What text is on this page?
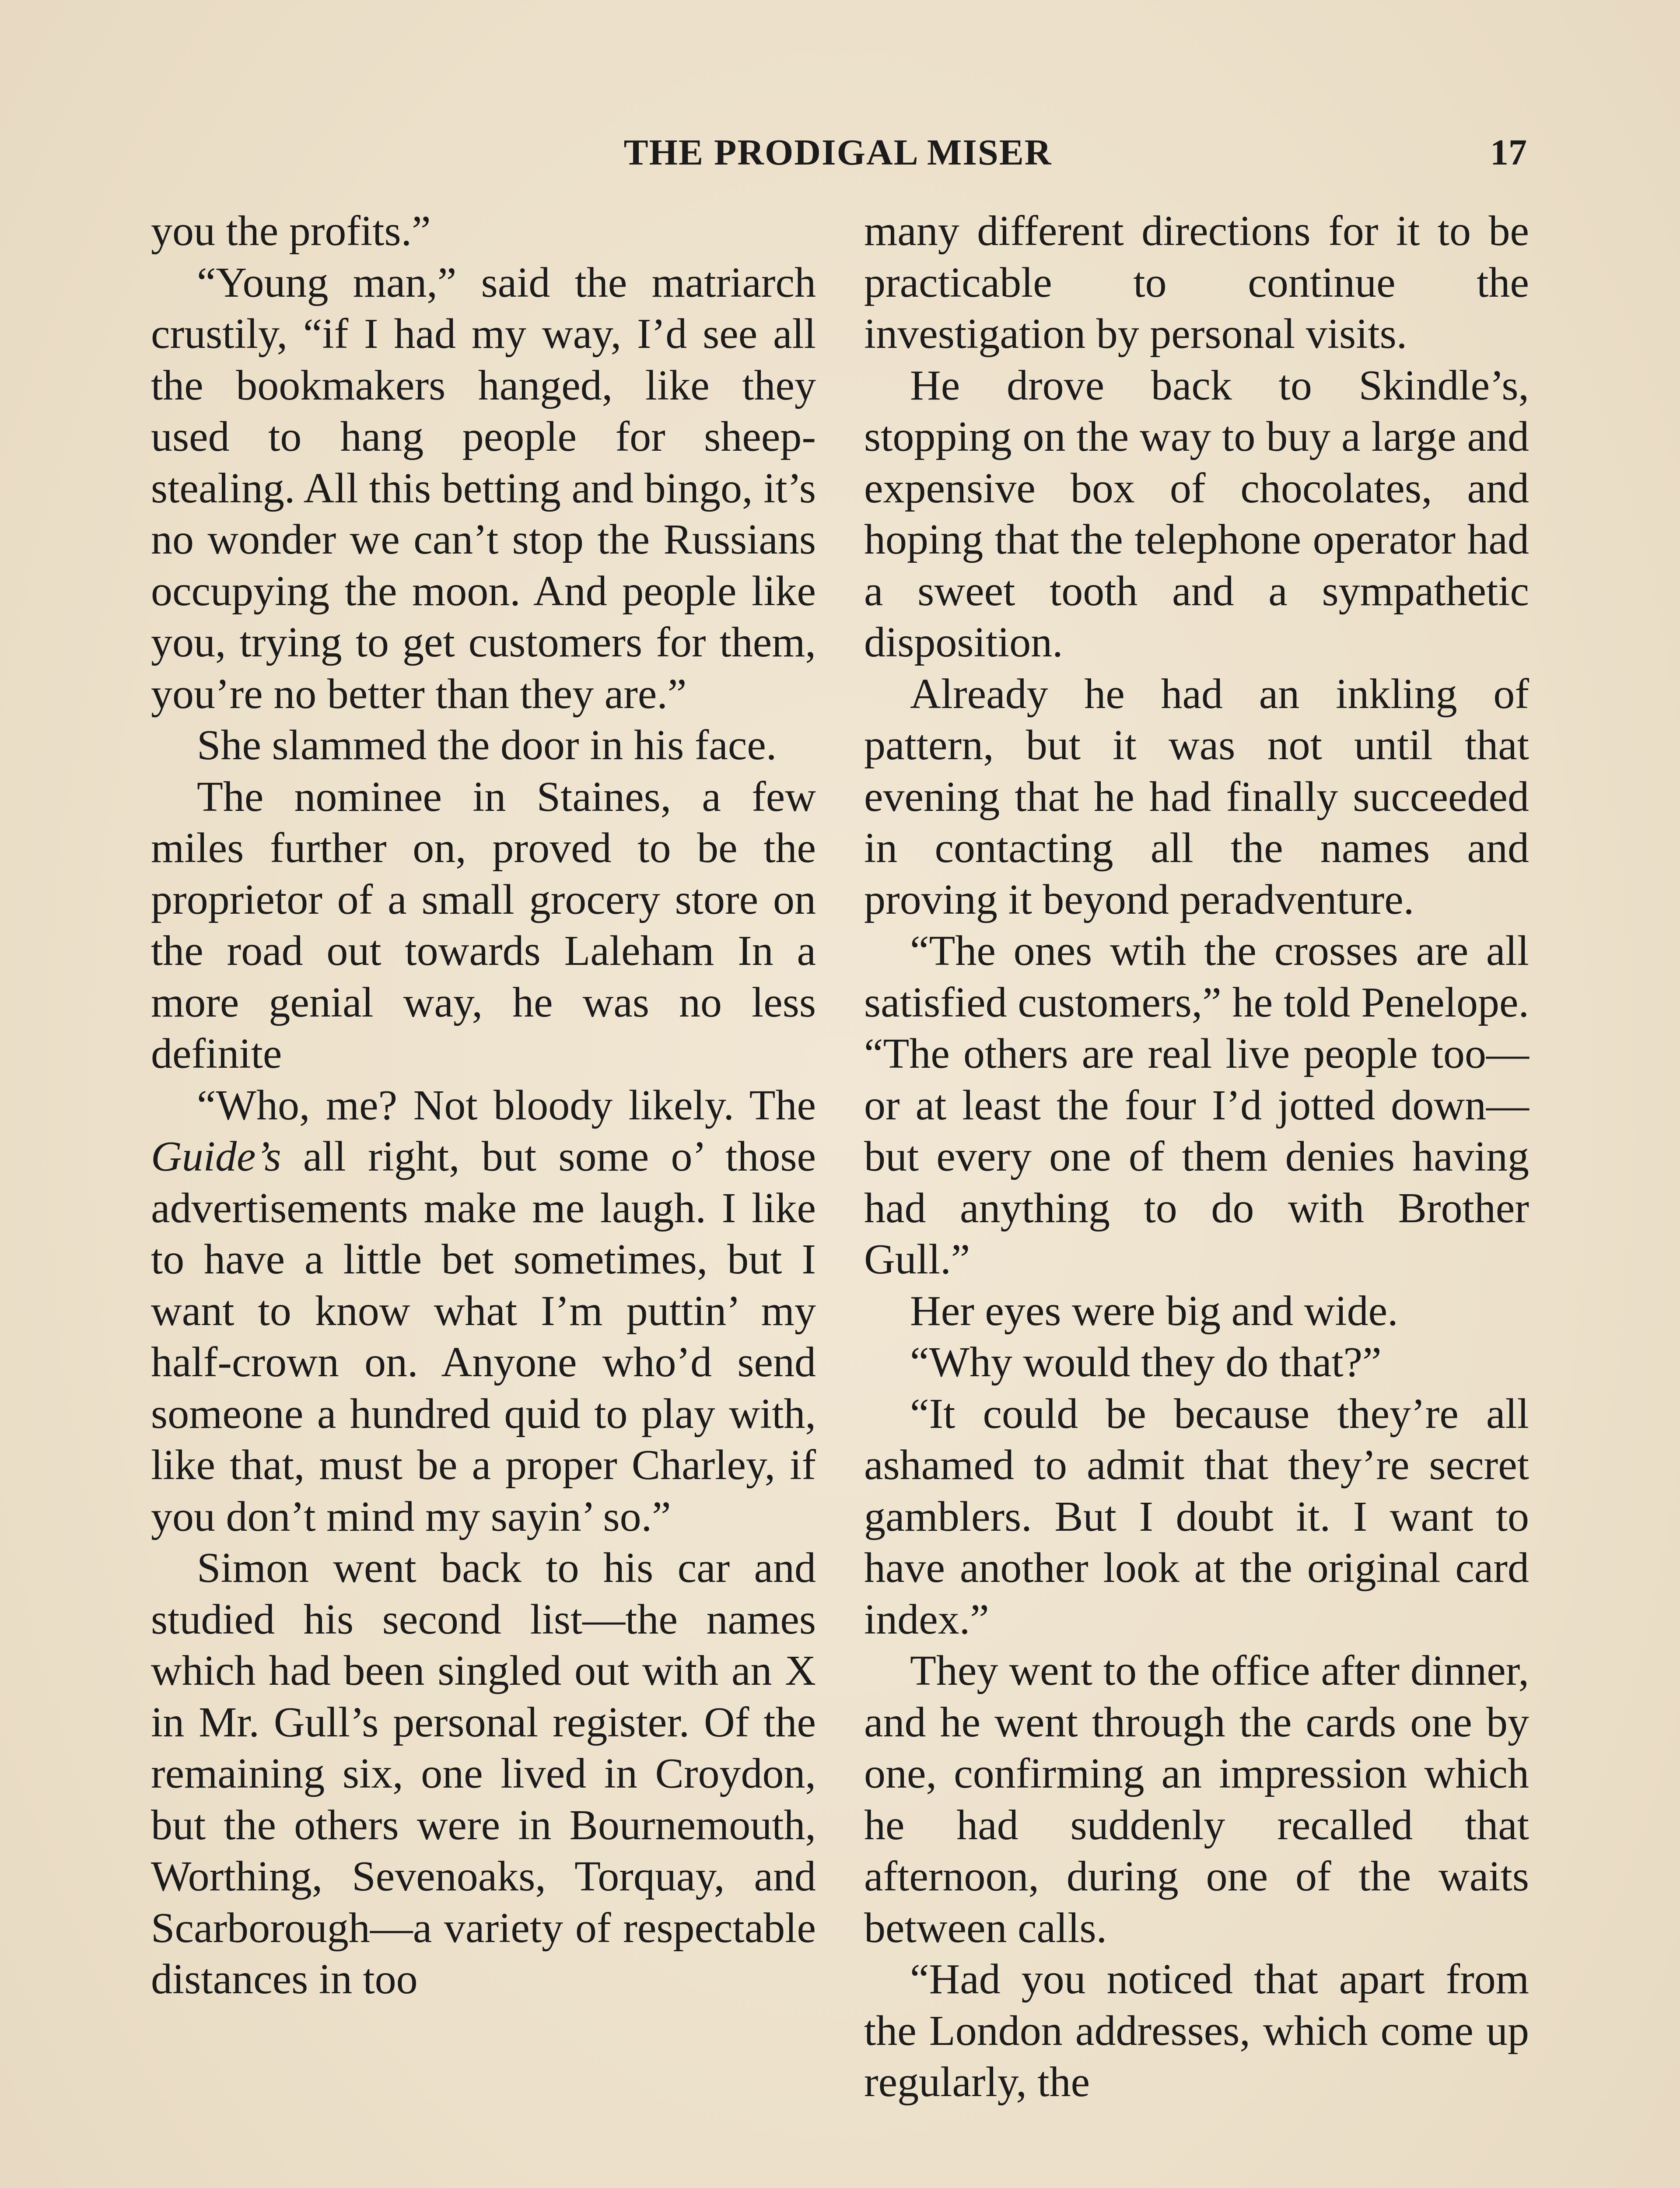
THE PRODIGAL MISER	17

you the profits.”

“Young man,” said the matriarch crustily, “if I had my way, I’d see all the bookmakers hanged, like they used to hang people for sheep-stealing. All this betting and bingo, it’s no wonder we can’t stop the Russians occupying the moon. And people like you, trying to get customers for them, you’re no better than they are.”

She slammed the door in his face.

The nominee in Staines, a few miles further on, proved to be the proprietor of a small grocery store on the road out towards Laleham In a more genial way, he was no less definite

“Who, me? Not bloody likely. The Guide’s all right, but some o’ those advertisements make me laugh. I like to have a little bet sometimes, but I want to know what I’m puttin’ my half-crown on. Anyone who’d send someone a hundred quid to play with, like that, must be a proper Charley, if you don’t mind my sayin’ so.”

Simon went back to his car and studied his second list—the names which had been singled out with an X in Mr. Gull’s personal register. Of the remaining six, one lived in Croydon, but the others were in Bournemouth, Worthing, Sevenoaks, Torquay, and Scarborough—a variety of respectable distances in too

many different directions for it to be practicable to continue the investigation by personal visits.

He drove back to Skindle’s, stopping on the way to buy a large and expensive box of chocolates, and hoping that the telephone operator had a sweet tooth and a sympathetic disposition.

Already he had an inkling of pattern, but it was not until that evening that he had finally succeeded in contacting all the names and proving it beyond peradventure.

“The ones wtih the crosses are all satisfied customers,” he told Penelope. “The others are real live people too—or at least the four I’d jotted down—but every one of them denies having had anything to do with Brother Gull.”

Her eyes were big and wide.

“Why would they do that?”

“It could be because they’re all ashamed to admit that they’re secret gamblers. But I doubt it. I want to have another look at the original card index.”

They went to the office after dinner, and he went through the cards one by one, confirming an impression which he had suddenly recalled that afternoon, during one of the waits between calls.

“Had you noticed that apart from the London addresses, which come up regularly, the
